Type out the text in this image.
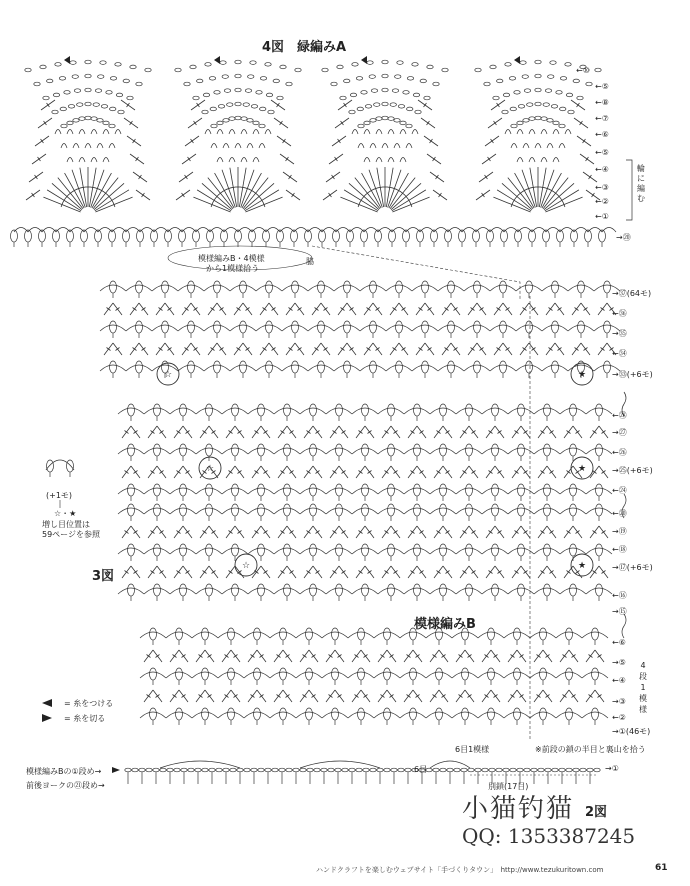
☆	★
☆	★
☆	★
4図　緑編みA
←⑩
←⑤
←⑧
←⑦
←⑥
←⑤
←④
←③
←②
←①
輪に編む
→⑳
模様編みB・4模様
から1模様拾う
脇
3図
模様編みB
→㊲(64モ)
←㊱
→㉟
←㉞
→㉝(+6モ)
←㉘
→㉗
←㉖
→㉕(+6モ)
←㉔
←⑳
→⑲
←⑱
→⑰(+6モ)
←⑯
→⑮
←⑥
→⑤
←④
→③
←②
→①(46モ)
4段1模様
6目1模様	※前段の鎖の半目と裏山を拾う
別鎖(17目)
6目	→①
(+1モ)
☆・★
増し目位置は
59ページを参照
= 糸をつける
= 糸を切る
模様編みBの①段め→
前後ヨークの㉑段め→
2図
小猫钓猫
QQ: 1353387245
ハンドクラフトを楽しむウェブサイト「手づくりタウン」　http://www.tezukuritown.com	61
